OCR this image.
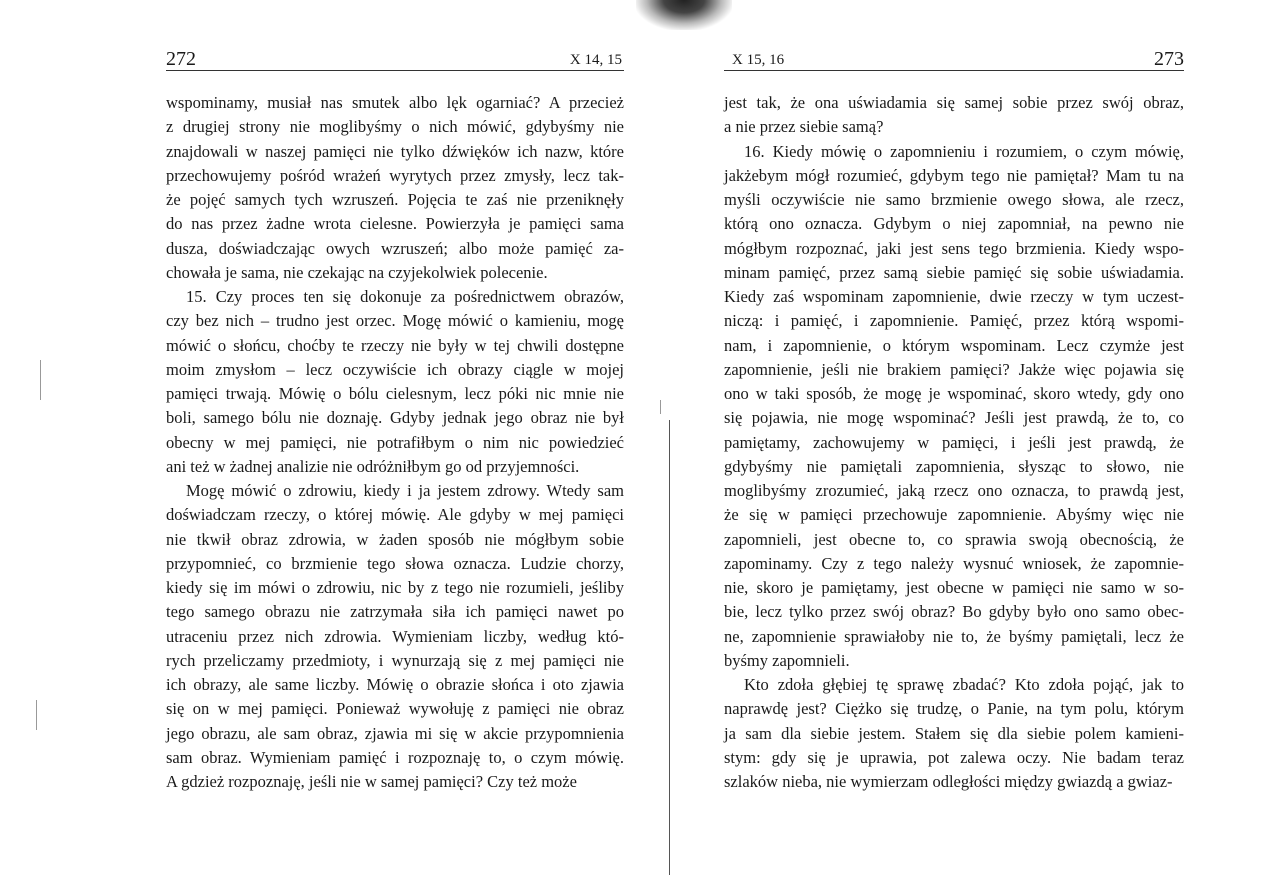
272	X 14, 15
wspominamy, musiał nas smutek albo lęk ogarniać? A przecież
z drugiej strony nie moglibyśmy o nich mówić, gdybyśmy nie
znajdowali w naszej pamięci nie tylko dźwięków ich nazw, które
przechowujemy pośród wrażeń wyrytych przez zmysły, lecz tak-
że pojęć samych tych wzruszeń. Pojęcia te zaś nie przeniknęły
do nas przez żadne wrota cielesne. Powierzyła je pamięci sama
dusza, doświadczając owych wzruszeń; albo może pamięć za-
chowała je sama, nie czekając na czyjekolwiek polecenie.
15. Czy proces ten się dokonuje za pośrednictwem obrazów,
czy bez nich – trudno jest orzec. Mogę mówić o kamieniu, mogę
mówić o słońcu, choćby te rzeczy nie były w tej chwili dostępne
moim zmysłom – lecz oczywiście ich obrazy ciągle w mojej
pamięci trwają. Mówię o bólu cielesnym, lecz póki nic mnie nie
boli, samego bólu nie doznaję. Gdyby jednak jego obraz nie był
obecny w mej pamięci, nie potrafiłbym o nim nic powiedzieć
ani też w żadnej analizie nie odróżniłbym go od przyjemności.
Mogę mówić o zdrowiu, kiedy i ja jestem zdrowy. Wtedy sam
doświadczam rzeczy, o której mówię. Ale gdyby w mej pamięci
nie tkwił obraz zdrowia, w żaden sposób nie mógłbym sobie
przypomnieć, co brzmienie tego słowa oznacza. Ludzie chorzy,
kiedy się im mówi o zdrowiu, nic by z tego nie rozumieli, jeśliby
tego samego obrazu nie zatrzymała siła ich pamięci nawet po
utraceniu przez nich zdrowia. Wymieniam liczby, według któ-
rych przeliczamy przedmioty, i wynurzają się z mej pamięci nie
ich obrazy, ale same liczby. Mówię o obrazie słońca i oto zjawia
się on w mej pamięci. Ponieważ wywołuję z pamięci nie obraz
jego obrazu, ale sam obraz, zjawia mi się w akcie przypomnienia
sam obraz. Wymieniam pamięć i rozpoznaję to, o czym mówię.
A gdzież rozpoznaję, jeśli nie w samej pamięci? Czy też może
X 15, 16	273
jest tak, że ona uświadamia się samej sobie przez swój obraz,
a nie przez siebie samą?
16. Kiedy mówię o zapomnieniu i rozumiem, o czym mówię,
jakżebym mógł rozumieć, gdybym tego nie pamiętał? Mam tu na
myśli oczywiście nie samo brzmienie owego słowa, ale rzecz,
którą ono oznacza. Gdybym o niej zapomniał, na pewno nie
mógłbym rozpoznać, jaki jest sens tego brzmienia. Kiedy wspo-
minam pamięć, przez samą siebie pamięć się sobie uświadamia.
Kiedy zaś wspominam zapomnienie, dwie rzeczy w tym uczest-
niczą: i pamięć, i zapomnienie. Pamięć, przez którą wspomi-
nam, i zapomnienie, o którym wspominam. Lecz czymże jest
zapomnienie, jeśli nie brakiem pamięci? Jakże więc pojawia się
ono w taki sposób, że mogę je wspominać, skoro wtedy, gdy ono
się pojawia, nie mogę wspominać? Jeśli jest prawdą, że to, co
pamiętamy, zachowujemy w pamięci, i jeśli jest prawdą, że
gdybyśmy nie pamiętali zapomnienia, słysząc to słowo, nie
moglibyśmy zrozumieć, jaką rzecz ono oznacza, to prawdą jest,
że się w pamięci przechowuje zapomnienie. Abyśmy więc nie
zapomnieli, jest obecne to, co sprawia swoją obecnością, że
zapominamy. Czy z tego należy wysnuć wniosek, że zapomnie-
nie, skoro je pamiętamy, jest obecne w pamięci nie samo w so-
bie, lecz tylko przez swój obraz? Bo gdyby było ono samo obec-
ne, zapomnienie sprawiałoby nie to, że byśmy pamiętali, lecz że
byśmy zapomnieli.
Kto zdoła głębiej tę sprawę zbadać? Kto zdoła pojąć, jak to
naprawdę jest? Ciężko się trudzę, o Panie, na tym polu, którym
ja sam dla siebie jestem. Stałem się dla siebie polem kamieni-
stym: gdy się je uprawia, pot zalewa oczy. Nie badam teraz
szlaków nieba, nie wymierzam odległości między gwiazdą a gwiaz-
